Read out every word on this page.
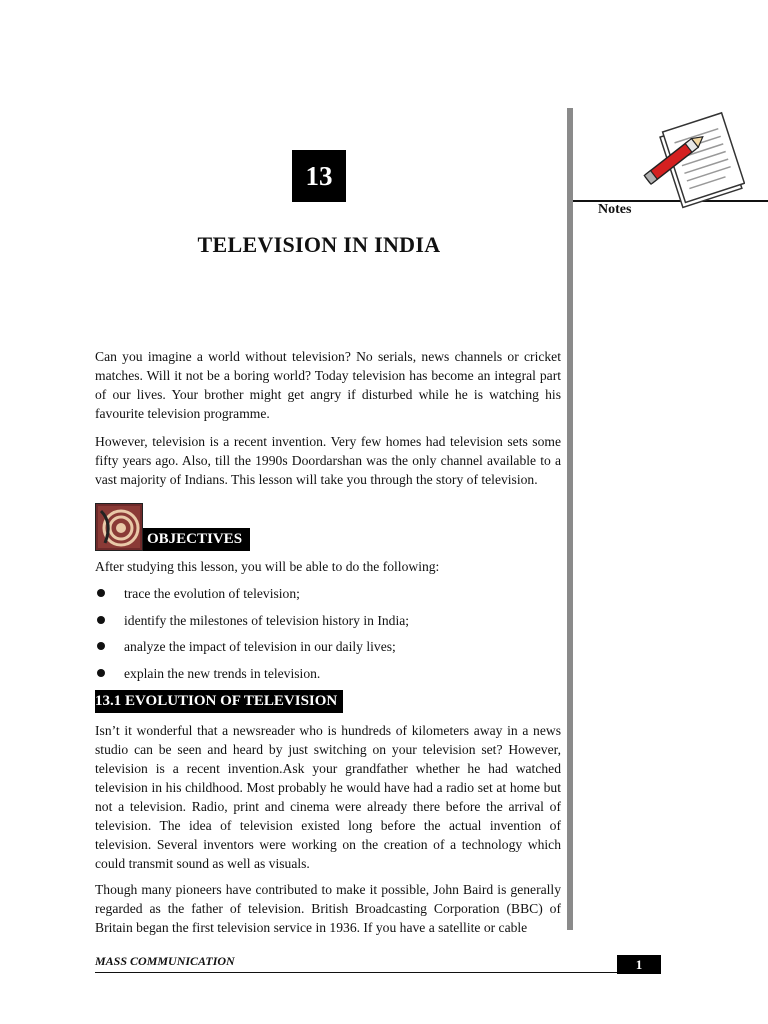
Notes
13
TELEVISION IN INDIA

Can you imagine a world without television? No serials, news channels or cricket matches. Will it not be a boring world? Today television has become an integral part of our lives. Your brother might get angry if disturbed while he is watching his favourite television programme.

However, television is a recent invention. Very few homes had television sets some fifty years ago. Also, till the 1990s Doordarshan was the only channel available to a vast majority of Indians. This lesson will take you through the story of television.

OBJECTIVES
After studying this lesson, you will be able to do the following:
trace the evolution of television;
identify the milestones of television history in India;
analyze the impact of television in our daily lives;
explain the new trends in television.
13.1 EVOLUTION OF TELEVISION

Isn’t it wonderful that a newsreader who is hundreds of kilometers away in a news studio can be seen and heard by just switching on your television set? However, television is a recent invention.Ask your grandfather whether he had watched television in his childhood. Most probably he would have had a radio set at home but not a television. Radio, print and cinema were already there before the arrival of television. The idea of television existed long before the actual invention of television. Several inventors were working on the creation of a technology which could transmit sound as well as visuals.

Though many pioneers have contributed to make it possible, John Baird is generally regarded as the father of television. British Broadcasting Corporation (BBC) of Britain began the first television service in 1936. If you have a satellite or cable

MASS COMMUNICATION	1
